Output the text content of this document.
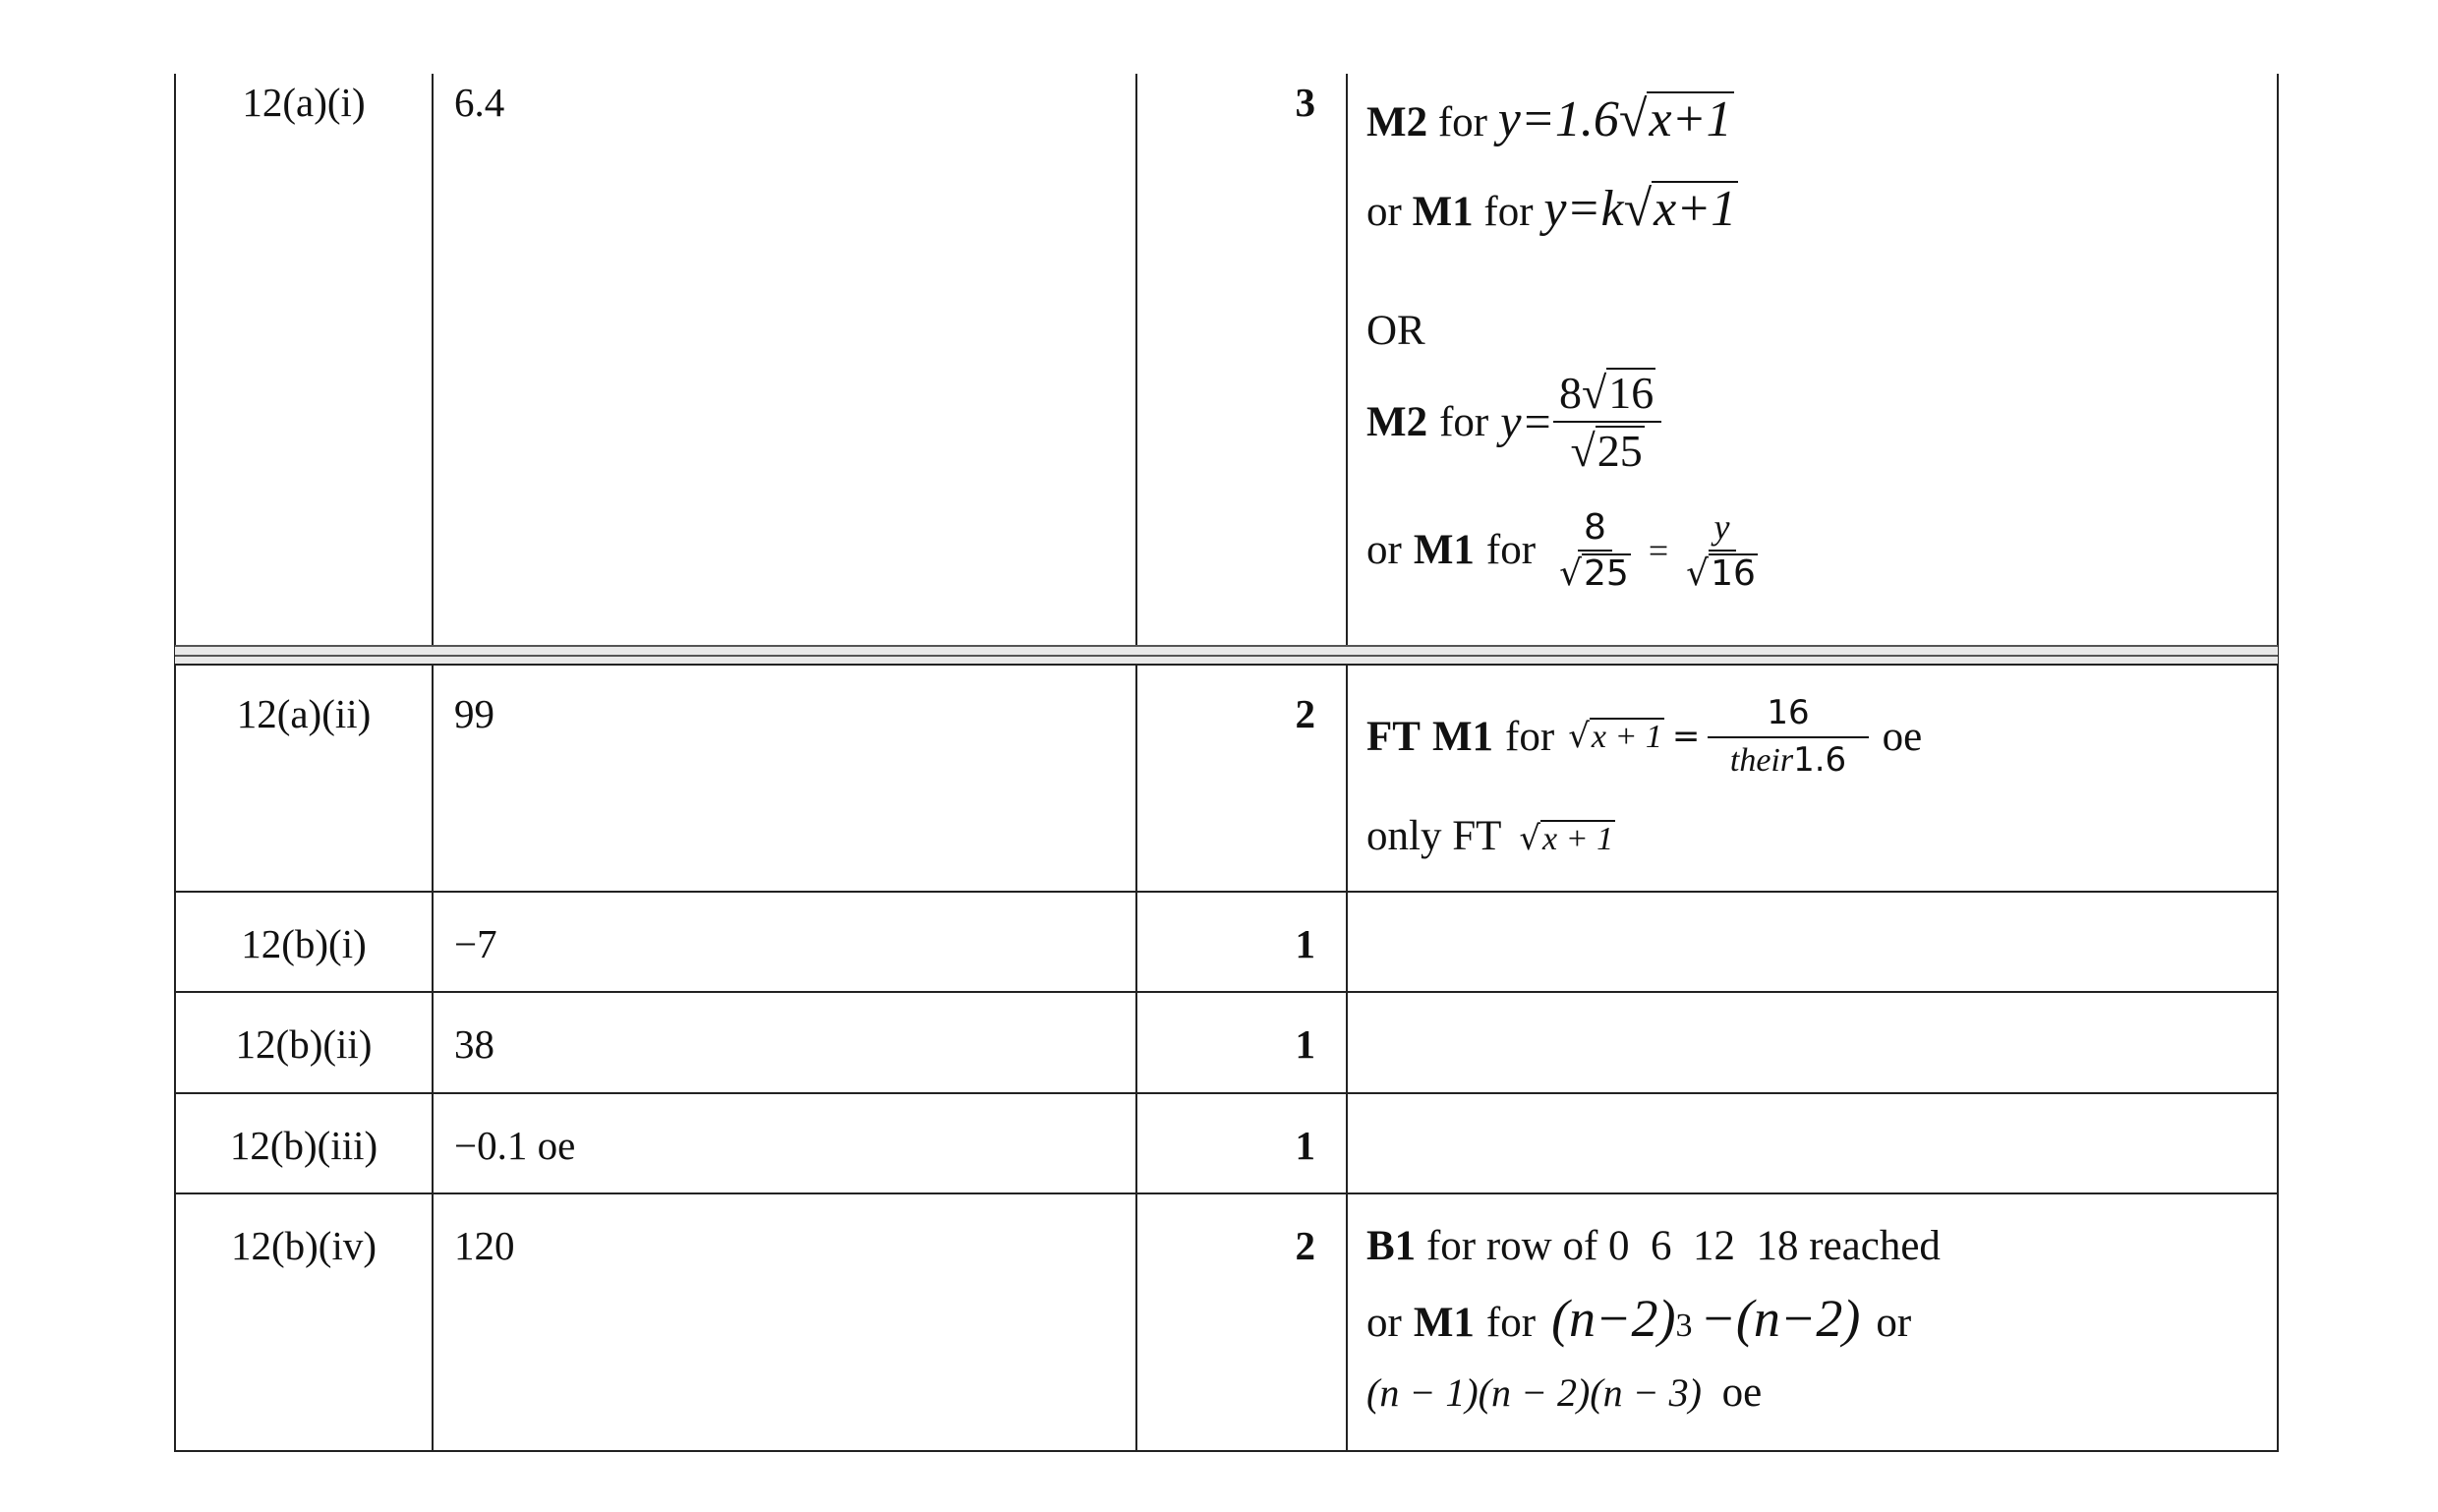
12(a)(i)	6.4	3 M2 for y=1.6√x+1
or M1 for y=k√x+1
OR
M2 for $y= \frac{8√16}{√25}$
or M1 for $\frac{8}{√25} = \frac{y}{√16}$
12(a)(ii)	99	2 FT M1 for $√x + 1 = \frac{16}{\text{their1.6}}$ oe
only FT √x + 1
12(b)(i)	−7	1
12(b)(ii)	38	1
12(b)(iii)	−0.1 oe	1
12(b)(iv)	120	2 B1 for row of 0  6  12  18 reached
or M1 for (n−2) 3 −(n−2) or
(n − 1)(n − 2)(n − 3) oe
